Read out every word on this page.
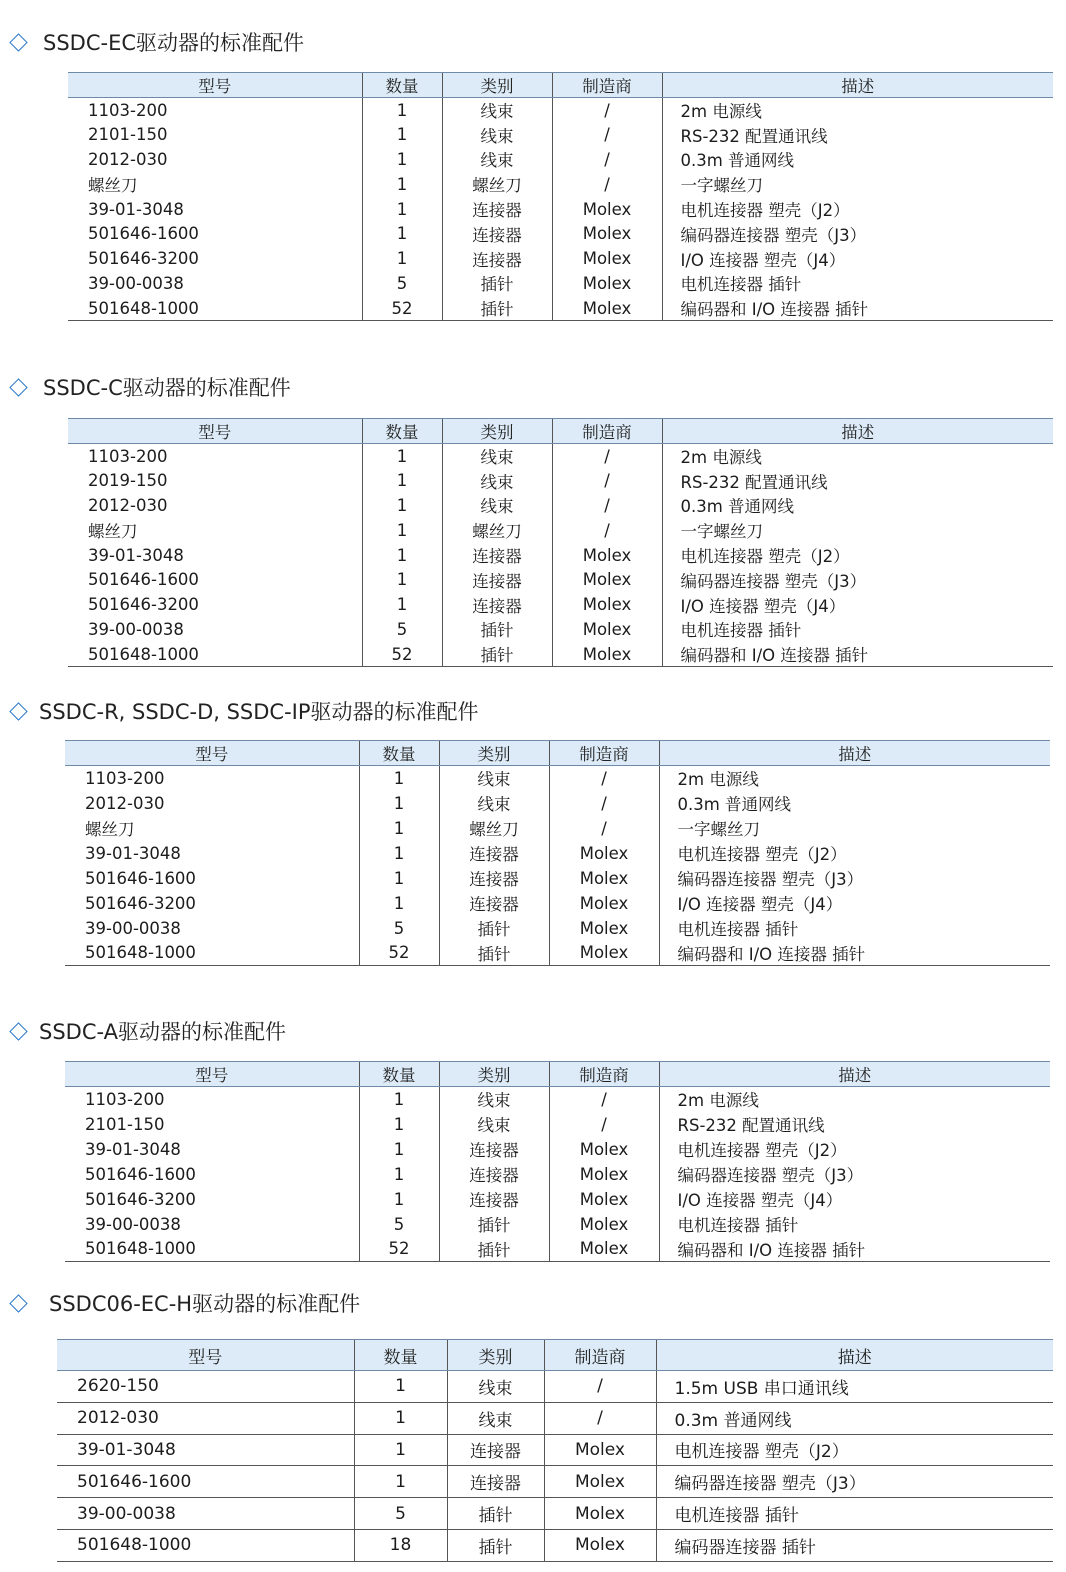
SSDC-EC驱动器的标准配件
型号	数量	类别	制造商	描述
1103-200	1	线束	/	2m 电源线
2101-150	1	线束	/	RS-232 配置通讯线
2012-030	1	线束	/	0.3m 普通网线
螺丝刀	1	螺丝刀	/	一字螺丝刀
39-01-3048	1	连接器	Molex	电机连接器 塑壳（J2）
501646-1600	1	连接器	Molex	编码器连接器 塑壳（J3）
501646-3200	1	连接器	Molex	I/O 连接器 塑壳（J4）
39-00-0038	5	插针	Molex	电机连接器 插针
501648-1000	52	插针	Molex	编码器和 I/O 连接器 插针
SSDC-C驱动器的标准配件
型号	数量	类别	制造商	描述
1103-200	1	线束	/	2m 电源线
2019-150	1	线束	/	RS-232 配置通讯线
2012-030	1	线束	/	0.3m 普通网线
螺丝刀	1	螺丝刀	/	一字螺丝刀
39-01-3048	1	连接器	Molex	电机连接器 塑壳（J2）
501646-1600	1	连接器	Molex	编码器连接器 塑壳（J3）
501646-3200	1	连接器	Molex	I/O 连接器 塑壳（J4）
39-00-0038	5	插针	Molex	电机连接器 插针
501648-1000	52	插针	Molex	编码器和 I/O 连接器 插针
SSDC-R, SSDC-D, SSDC-IP驱动器的标准配件
型号	数量	类别	制造商	描述
1103-200	1	线束	/	2m 电源线
2012-030	1	线束	/	0.3m 普通网线
螺丝刀	1	螺丝刀	/	一字螺丝刀
39-01-3048	1	连接器	Molex	电机连接器 塑壳（J2）
501646-1600	1	连接器	Molex	编码器连接器 塑壳（J3）
501646-3200	1	连接器	Molex	I/O 连接器 塑壳（J4）
39-00-0038	5	插针	Molex	电机连接器 插针
501648-1000	52	插针	Molex	编码器和 I/O 连接器 插针
SSDC-A驱动器的标准配件
型号	数量	类别	制造商	描述
1103-200	1	线束	/	2m 电源线
2101-150	1	线束	/	RS-232 配置通讯线
39-01-3048	1	连接器	Molex	电机连接器 塑壳（J2）
501646-1600	1	连接器	Molex	编码器连接器 塑壳（J3）
501646-3200	1	连接器	Molex	I/O 连接器 塑壳（J4）
39-00-0038	5	插针	Molex	电机连接器 插针
501648-1000	52	插针	Molex	编码器和 I/O 连接器 插针
SSDC06-EC-H驱动器的标准配件
型号	数量	类别	制造商	描述
2620-150	1	线束	/	1.5m USB 串口通讯线
2012-030	1	线束	/	0.3m 普通网线
39-01-3048	1	连接器	Molex	电机连接器 塑壳（J2）
501646-1600	1	连接器	Molex	编码器连接器 塑壳（J3）
39-00-0038	5	插针	Molex	电机连接器 插针
501648-1000	18	插针	Molex	编码器连接器 插针
